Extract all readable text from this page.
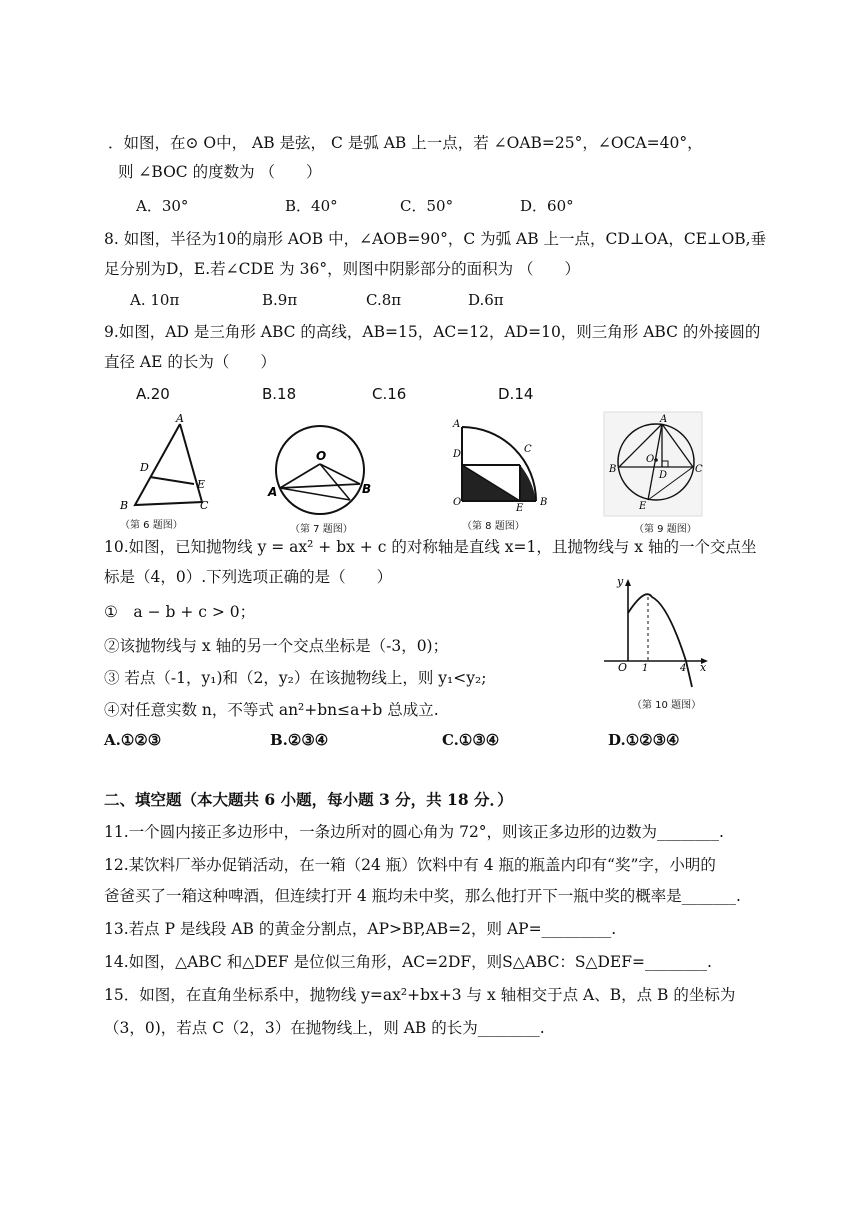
．如图，在⊙ O中， AB 是弦， C 是弧 AB 上一点，若 ∠OAB=25°，∠OCA=40°，
则 ∠BOC 的度数为 （　　）
A．30°	B．40°	C．50°	D．60°
8. 如图，半径为10的扇形 AOB 中，∠AOB=90°，C 为弧 AB 上一点，CD⊥OA，CE⊥OB,垂
足分别为D，E.若∠CDE 为 36°，则图中阴影部分的面积为 （　　）
A. 10π	B.9π	C.8π	D.6π
9.如图，AD 是三角形 ABC 的高线，AB=15，AC=12，AD=10，则三角形 ABC 的外接圆的
直径 AE 的长为（　　）
A.20	B.18	C.16	D.14
A
D
E
B	C
（第 6 题图）
O
A	B
（第 7 题图）
A
D	C
O
E
B
（第 8 题图）
A
O
B	C
D
E
（第 9 题图）
10.如图，已知抛物线 y = ax² + bx + c 的对称轴是直线 x=1，且抛物线与 x 轴的一个交点坐
标是（4，0）.下列选项正确的是（　　）
①　a − b + c > 0；
②该抛物线与 x 轴的另一个交点坐标是（-3，0)；
③ 若点（-1，y₁)和（2，y₂）在该抛物线上，则 y₁<y₂;
④对任意实数 n，不等式 an²+bn≤a+b 总成立.
A.①②③	B.②③④	C.①③④	D.①②③④
y
O 1	4 x
（第 10 题图）
二、填空题（本大题共 6 小题，每小题 3 分，共 18 分．）
11.一个圆内接正多边形中，一条边所对的圆心角为 72°，则该正多边形的边数为________.
12.某饮料厂举办促销活动，在一箱（24 瓶）饮料中有 4 瓶的瓶盖内印有“奖”字，小明的
爸爸买了一箱这种啤酒，但连续打开 4 瓶均未中奖，那么他打开下一瓶中奖的概率是_______.
13.若点 P 是线段 AB 的黄金分割点，AP>BP,AB=2，则 AP=_________.
14.如图，△ABC 和△DEF 是位似三角形，AC=2DF，则S△ABC：S△DEF=________.
15．如图，在直角坐标系中，抛物线 y=ax²+bx+3 与 x 轴相交于点 A、B，点 B 的坐标为
（3，0)，若点 C（2，3）在抛物线上，则 AB 的长为________.
